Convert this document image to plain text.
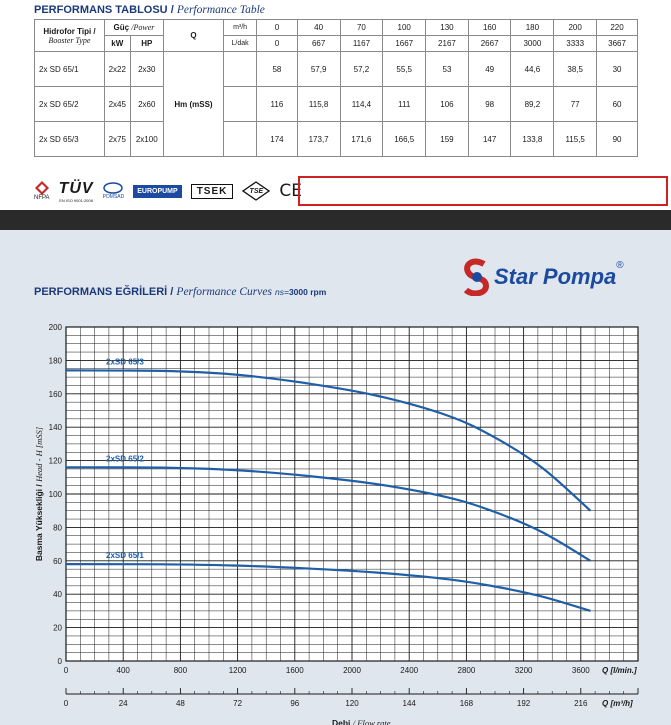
PERFORMANS TABLOSU / Performance Table
Hidrofor Tipi /
Booster Type	Güç /Power		Q	m³/h	0	40	70	100	130	160	180	200	220
	kW	HP		L/dak	0	667	1167	1667	2167	2667	3000	3333	3667
2x SD 65/1	2x22	2x30	Hm (mSS)		58	57,9	57,2	55,5	53	49	44,6	38,5	30
2x SD 65/2	2x45	2x60			116	115,8	114,4	111	106	98	89,2	77	60
2x SD 65/3	2x75	2x100			174	173,7	171,6	166,5	159	147	133,8	115,5	90
NFPA
TÜV
EN ISO 9001:2008 POMSAD
EUROPUMP TSEK	TSE CE
Star Pompa ®
PERFORMANS EĞRİLERİ / Performance Curves ns=3000 rpm
0
20
40
60
80
100
120
140
160
180
200
0	400	800	1200	1600	2000	2400	2800	3200	3600 Q [l/min.]
0	24	48	72	96	120	144	168	192	216 Q [m³/h]
Debi / Flow rate
Basma Yüksekliği / Head - H [mSS]
2xSD 65/1
2xSD 65/2
2xSD 65/3
